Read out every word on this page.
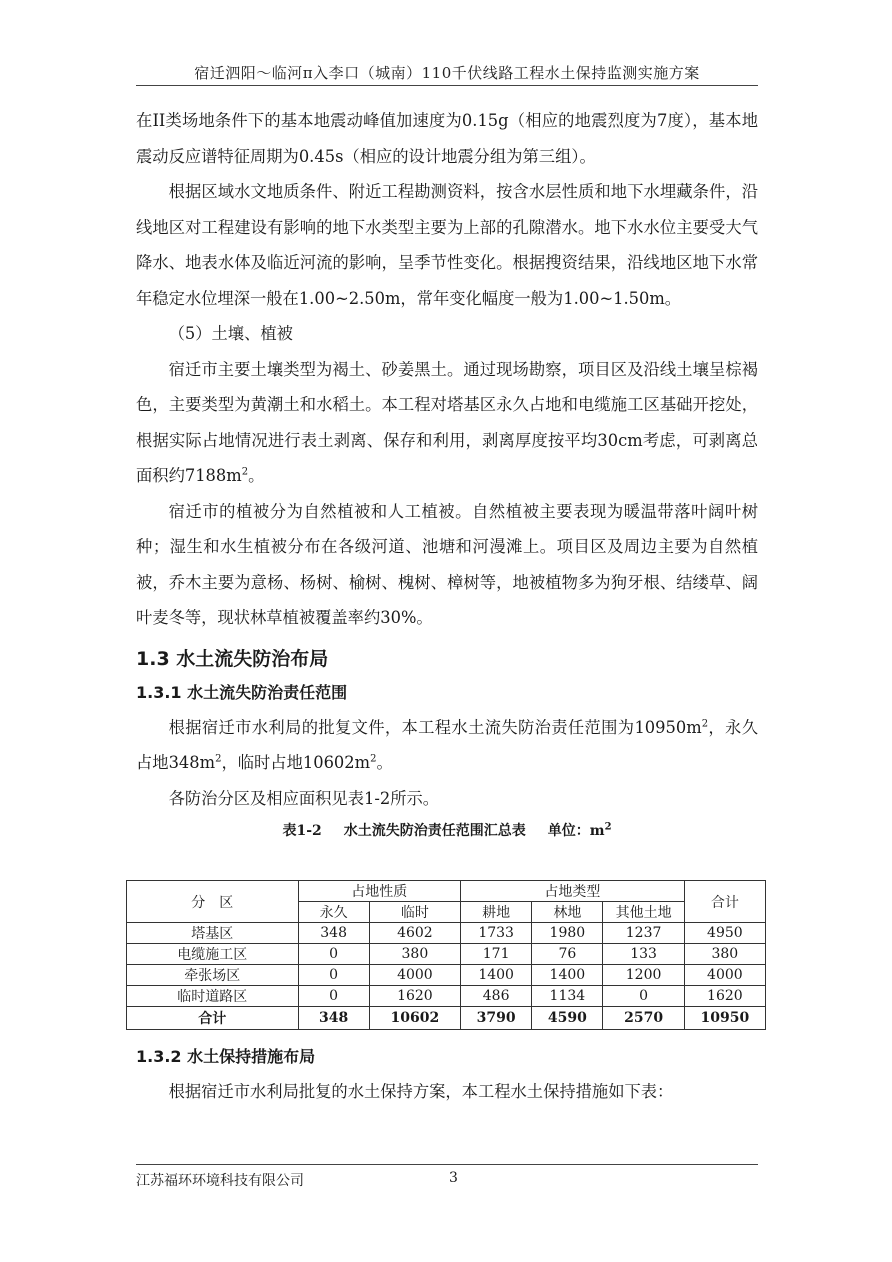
宿迁泗阳～临河π入李口（城南）110千伏线路工程水土保持监测实施方案

在II类场地条件下的基本地震动峰值加速度为0.15g（相应的地震烈度为7度），基本地震动反应谱特征周期为0.45s（相应的设计地震分组为第三组）。

根据区域水文地质条件、附近工程勘测资料，按含水层性质和地下水埋藏条件，沿线地区对工程建设有影响的地下水类型主要为上部的孔隙潜水。地下水水位主要受大气降水、地表水体及临近河流的影响，呈季节性变化。根据搜资结果，沿线地区地下水常年稳定水位埋深一般在1.00~2.50m，常年变化幅度一般为1.00~1.50m。

（5）土壤、植被

宿迁市主要土壤类型为褐土、砂姜黑土。通过现场勘察，项目区及沿线土壤呈棕褐色，主要类型为黄潮土和水稻土。本工程对塔基区永久占地和电缆施工区基础开挖处，根据实际占地情况进行表土剥离、保存和利用，剥离厚度按平均30cm考虑，可剥离总面积约$7188m^2$。

宿迁市的植被分为自然植被和人工植被。自然植被主要表现为暖温带落叶阔叶树种；湿生和水生植被分布在各级河道、池塘和河漫滩上。项目区及周边主要为自然植被，乔木主要为意杨、杨树、榆树、槐树、樟树等，地被植物多为狗牙根、结缕草、阔叶麦冬等，现状林草植被覆盖率约30%。

1.3 水土流失防治布局
1.3.1 水土流失防治责任范围

根据宿迁市水利局的批复文件，本工程水土流失防治责任范围为$10950m^2$，永久占地$348m^2$，临时占地$10602m^2$。

各防治分区及相应面积见表1-2所示。

表1-2 水土流失防治责任范围汇总表 单位：$m^2$
分　区	占地性质		占地类型			合计
	永久	临时	耕地	林地	其他土地	
塔基区	348	4602	1733	1980	1237	4950
电缆施工区	0	380	171	76	133	380
牵张场区	0	4000	1400	1400	1200	4000
临时道路区	0	1620	486	1134	0	1620
合计	348	10602	3790	4590	2570	10950
1.3.2 水土保持措施布局

根据宿迁市水利局批复的水土保持方案，本工程水土保持措施如下表：

江苏福环环境科技有限公司	3
